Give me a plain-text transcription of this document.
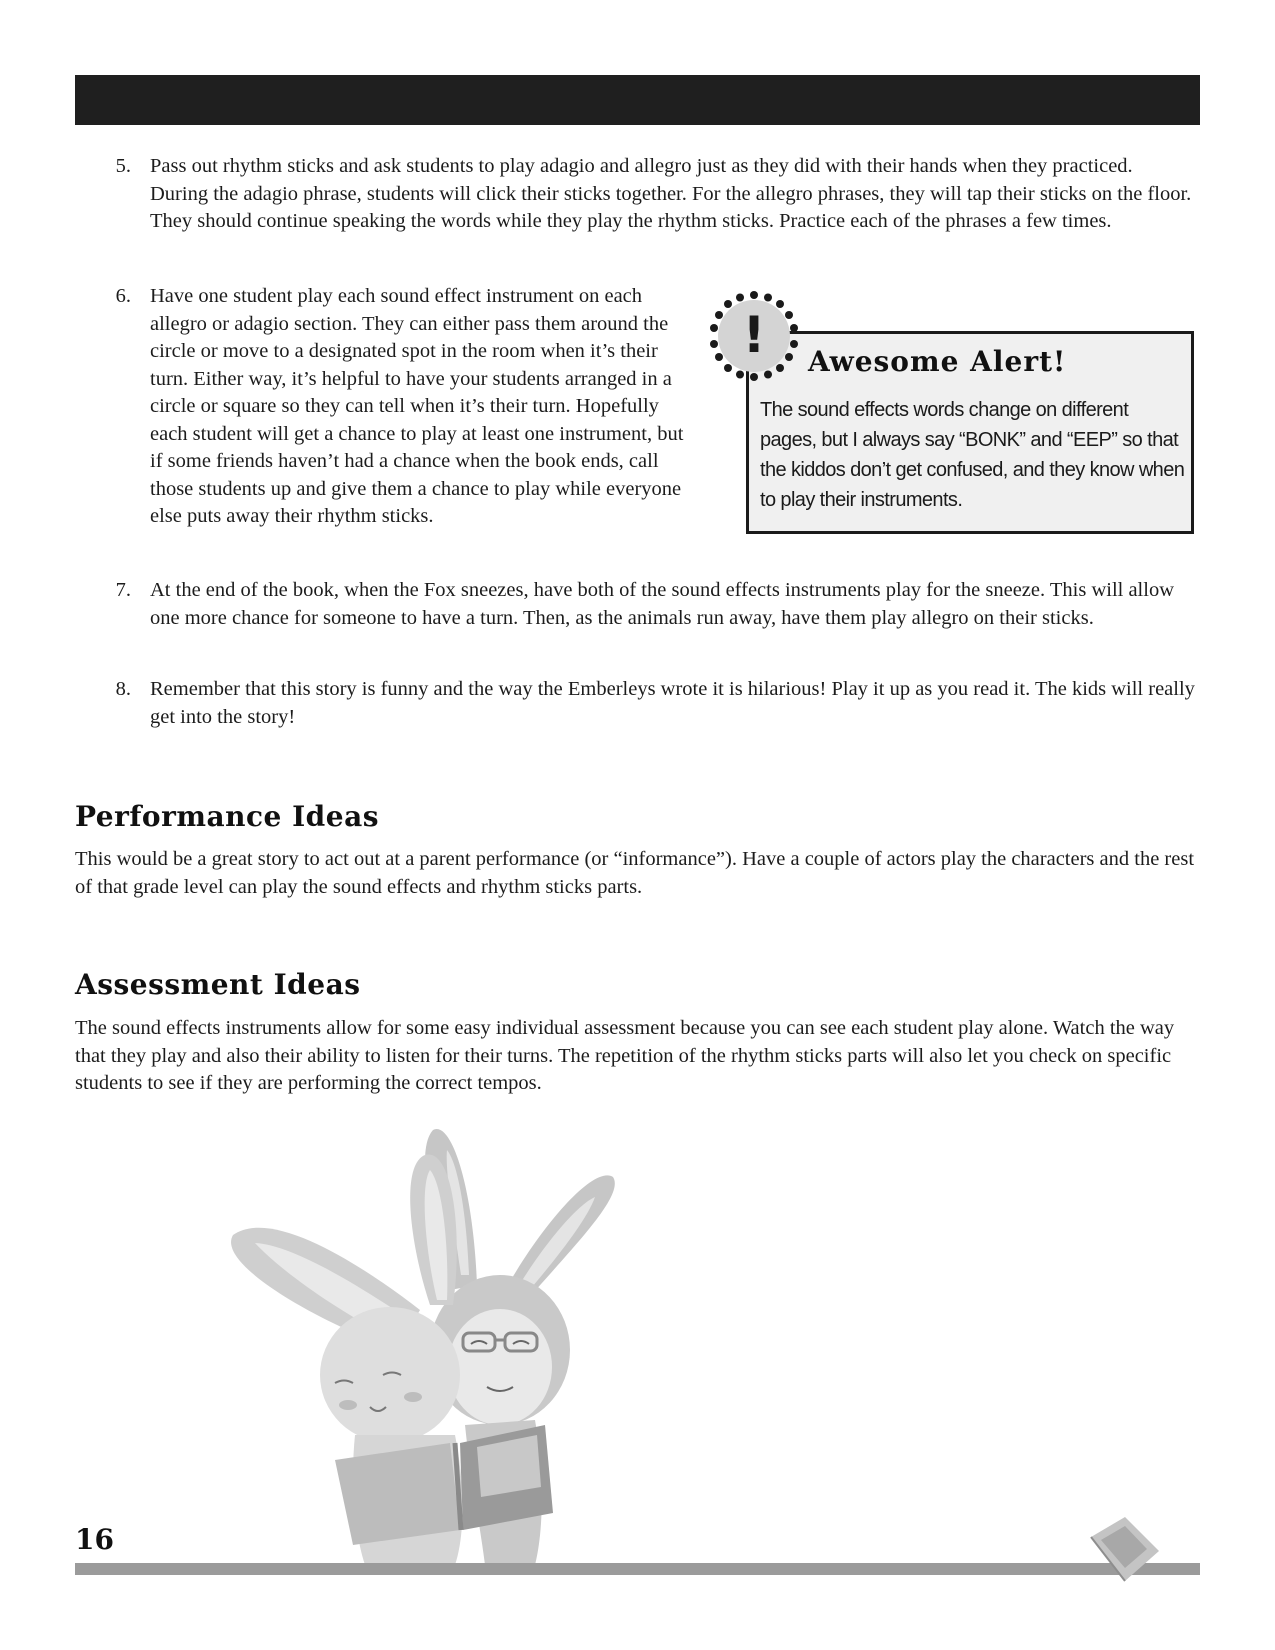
5. Pass out rhythm sticks and ask students to play adagio and allegro just as they did with their hands when they practiced. During the adagio phrase, students will click their sticks together. For the allegro phrases, they will tap their sticks on the floor. They should continue speaking the words while they play the rhythm sticks. Practice each of the phrases a few times.
6. Have one student play each sound effect instrument on each allegro or adagio section. They can either pass them around the circle or move to a designated spot in the room when it’s their turn. Either way, it’s helpful to have your students arranged in a circle or square so they can tell when it’s their turn. Hopefully each student will get a chance to play at least one instrument, but if some friends haven’t had a chance when the book ends, call those students up and give them a chance to play while everyone else puts away their rhythm sticks.
! Awesome Alert!
The sound effects words change on different pages, but I always say “BONK” and “EEP” so that the kiddos don’t get confused, and they know when to play their instruments.
7. At the end of the book, when the Fox sneezes, have both of the sound effects instruments play for the sneeze. This will allow one more chance for someone to have a turn. Then, as the animals run away, have them play allegro on their sticks.
8. Remember that this story is funny and the way the Emberleys wrote it is hilarious! Play it up as you read it. The kids will really get into the story!
Performance Ideas
This would be a great story to act out at a parent performance (or “informance”). Have a couple of actors play the characters and the rest of that grade level can play the sound effects and rhythm sticks parts.
Assessment Ideas
The sound effects instruments allow for some easy individual assessment because you can see each student play alone. Watch the way that they play and also their ability to listen for their turns. The repetition of the rhythm sticks parts will also let you check on specific students to see if they are performing the correct tempos.
16
